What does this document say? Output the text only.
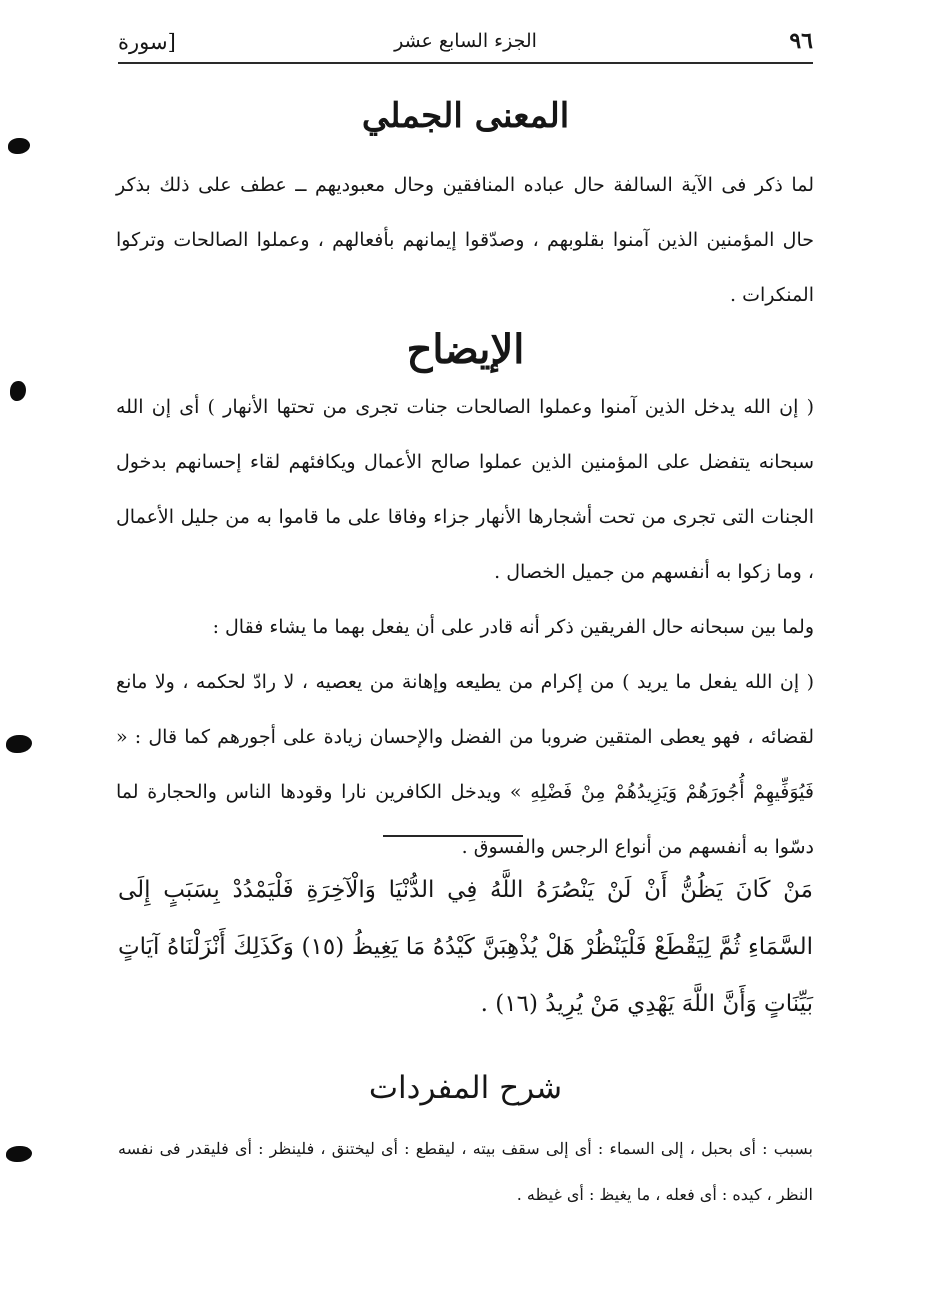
٩٦
الجزء السابع عشر
[سورة
المعنى الجملي
لما ذكر فى الآية السالفة حال عباده المنافقين وحال معبوديهم ــ عطف على ذلك بذكر حال المؤمنين الذين آمنوا بقلوبهم ، وصدّقوا إيمانهم بأفعالهم ، وعملوا الصالحات وتركوا المنكرات .
الإيضاح
( إن الله يدخل الذين آمنوا وعملوا الصالحات جنات تجرى من تحتها الأنهار ) أى إن الله سبحانه يتفضل على المؤمنين الذين عملوا صالح الأعمال ويكافئهم لقاء إحسانهم بدخول الجنات التى تجرى من تحت أشجارها الأنهار جزاء وفاقا على ما قاموا به من جليل الأعمال ، وما زكوا به أنفسهم من جميل الخصال .
ولما بين سبحانه حال الفريقين ذكر أنه قادر على أن يفعل بهما ما يشاء فقال :
( إن الله يفعل ما يريد ) من إكرام من يطيعه وإهانة من يعصيه ، لا رادّ لحكمه ، ولا مانع لقضائه ، فهو يعطى المتقين ضروبا من الفضل والإحسان زيادة على أجورهم كما قال : « فَيُوَفِّيهِمْ أُجُورَهُمْ وَيَزِيدُهُمْ مِنْ فَضْلِهِ » ويدخل الكافرين نارا وقودها الناس والحجارة لما دسّوا به أنفسهم من أنواع الرجس والفسوق .
مَنْ كَانَ يَظُنُّ أَنْ لَنْ يَنْصُرَهُ اللَّهُ فِي الدُّنْيَا وَالْآخِرَةِ فَلْيَمْدُدْ بِسَبَبٍ إِلَى السَّمَاءِ ثُمَّ لِيَقْطَعْ فَلْيَنْظُرْ هَلْ يُذْهِبَنَّ كَيْدُهُ مَا يَغِيظُ (١٥) وَكَذَلِكَ أَنْزَلْنَاهُ آيَاتٍ بَيِّنَاتٍ وَأَنَّ اللَّهَ يَهْدِي مَنْ يُرِيدُ (١٦) .
شرح المفردات
بسبب : أى بحبل ، إلى السماء : أى إلى سقف بيته ، ليقطع : أى ليختنق ، فلينظر : أى فليقدر فى نفسه النظر ، كيده : أى فعله ، ما يغيظ : أى غيظه .
